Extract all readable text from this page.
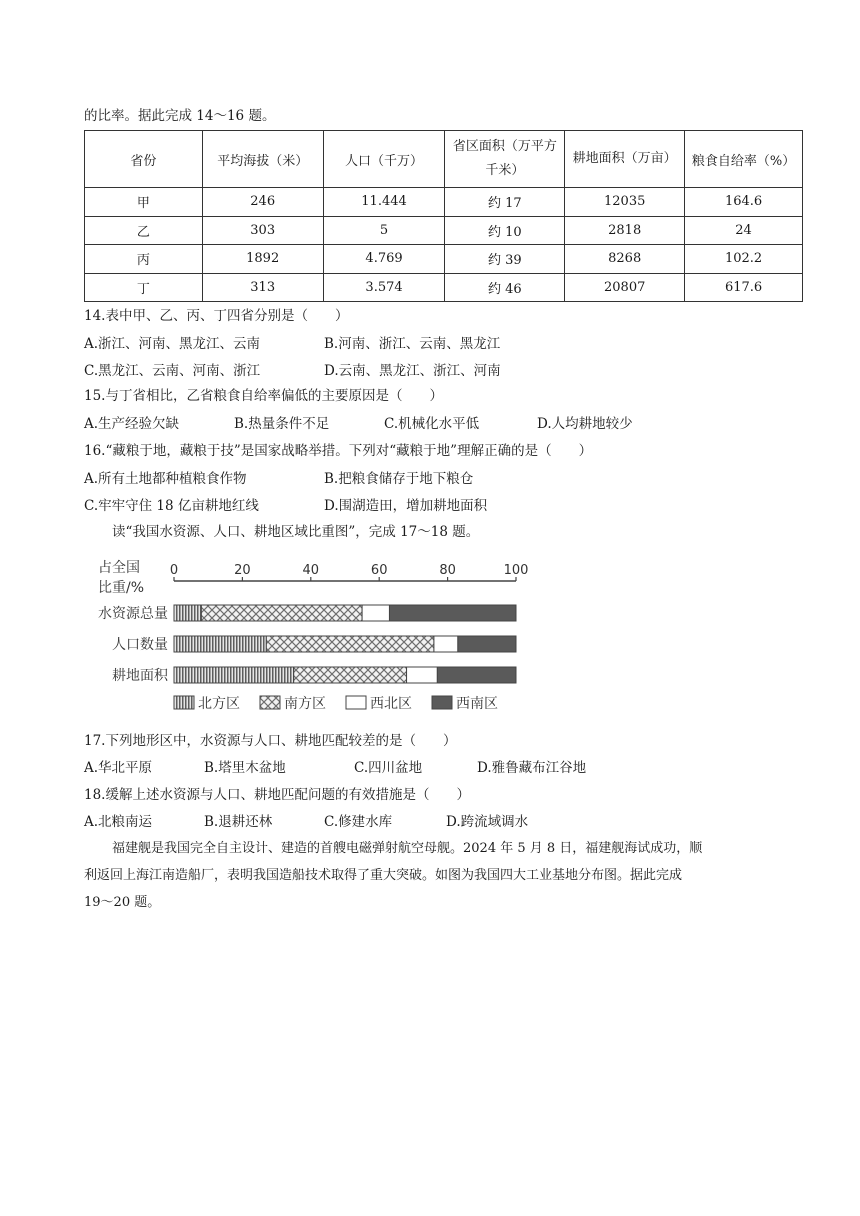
的比率。据此完成 14～16 题。
省份	平均海拔（米）	人口（千万）	省区面积（万平方千米）	耕地面积（万亩）	粮食自给率（%）
甲	246	11.444	约 17	12035	164.6
乙	303	5	约 10	2818	24
丙	1892	4.769	约 39	8268	102.2
丁	313	3.574	约 46	20807	617.6
14.表中甲、乙、丙、丁四省分别是（　　）
A.浙江、河南、黑龙江、云南	B.河南、浙江、云南、黑龙江
C.黑龙江、云南、河南、浙江	D.云南、黑龙江、浙江、河南
15.与丁省相比，乙省粮食自给率偏低的主要原因是（　　）
A.生产经验欠缺	B.热量条件不足	C.机械化水平低	D.人均耕地较少
16.“藏粮于地，藏粮于技”是国家战略举措。下列对“藏粮于地”理解正确的是（　　）
A.所有土地都种植粮食作物	B.把粮食储存于地下粮仓
C.牢牢守住 18 亿亩耕地红线	D.围湖造田，增加耕地面积
读“我国水资源、人口、耕地区域比重图”，完成 17～18 题。
占全国
比重/%
0	20	40	60	80	100
水资源总量
人口数量
耕地面积
北方区	南方区	西北区	西南区
17.下列地形区中，水资源与人口、耕地匹配较差的是（　　）
A.华北平原	B.塔里木盆地	C.四川盆地	D.雅鲁藏布江谷地
18.缓解上述水资源与人口、耕地匹配问题的有效措施是（　　）
A.北粮南运	B.退耕还林	C.修建水库	D.跨流域调水
福建舰是我国完全自主设计、建造的首艘电磁弹射航空母舰。2024 年 5 月 8 日，福建舰海试成功，顺
利返回上海江南造船厂，表明我国造船技术取得了重大突破。如图为我国四大工业基地分布图。据此完成
19～20 题。
